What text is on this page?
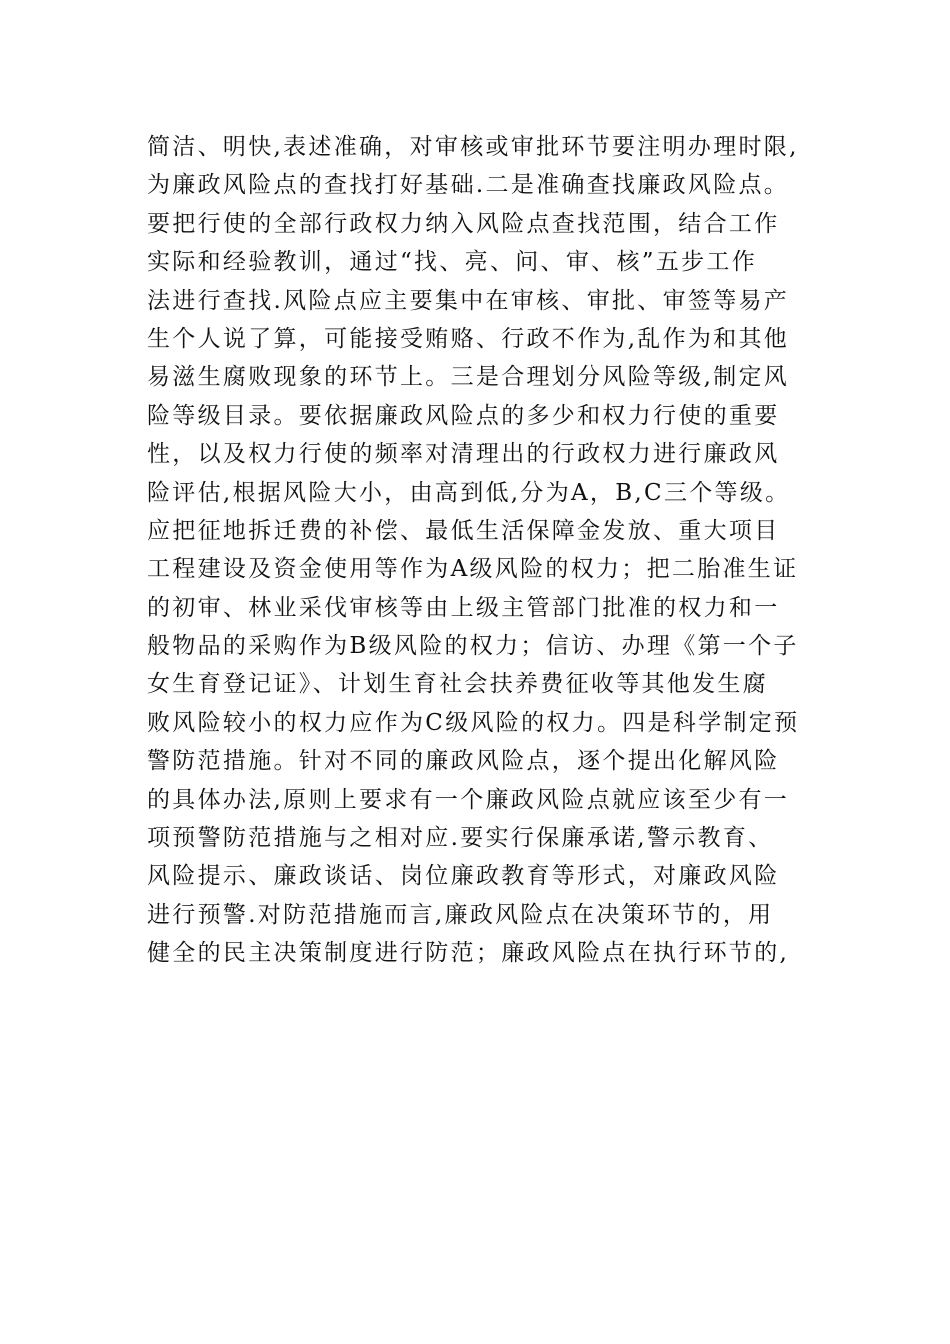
简洁、明快,表述准确，对审核或审批环节要注明办理时限,
为廉政风险点的查找打好基础.二是准确查找廉政风险点。
要把行使的全部行政权力纳入风险点查找范围，结合工作
实际和经验教训，通过“找、亮、问、审、核”五步工作
法进行查找.风险点应主要集中在审核、审批、审签等易产
生个人说了算，可能接受贿赂、行政不作为,乱作为和其他
易滋生腐败现象的环节上。三是合理划分风险等级,制定风
险等级目录。要依据廉政风险点的多少和权力行使的重要
性，以及权力行使的频率对清理出的行政权力进行廉政风
险评估,根据风险大小，由高到低,分为A，B,C三个等级。
应把征地拆迁费的补偿、最低生活保障金发放、重大项目
工程建设及资金使用等作为A级风险的权力；把二胎准生证
的初审、林业采伐审核等由上级主管部门批准的权力和一
般物品的采购作为B级风险的权力；信访、办理《第一个子
女生育登记证》、计划生育社会扶养费征收等其他发生腐
败风险较小的权力应作为C级风险的权力。四是科学制定预
警防范措施。针对不同的廉政风险点，逐个提出化解风险
的具体办法,原则上要求有一个廉政风险点就应该至少有一
项预警防范措施与之相对应.要实行保廉承诺,警示教育、
风险提示、廉政谈话、岗位廉政教育等形式，对廉政风险
进行预警.对防范措施而言,廉政风险点在决策环节的，用
健全的民主决策制度进行防范；廉政风险点在执行环节的,
